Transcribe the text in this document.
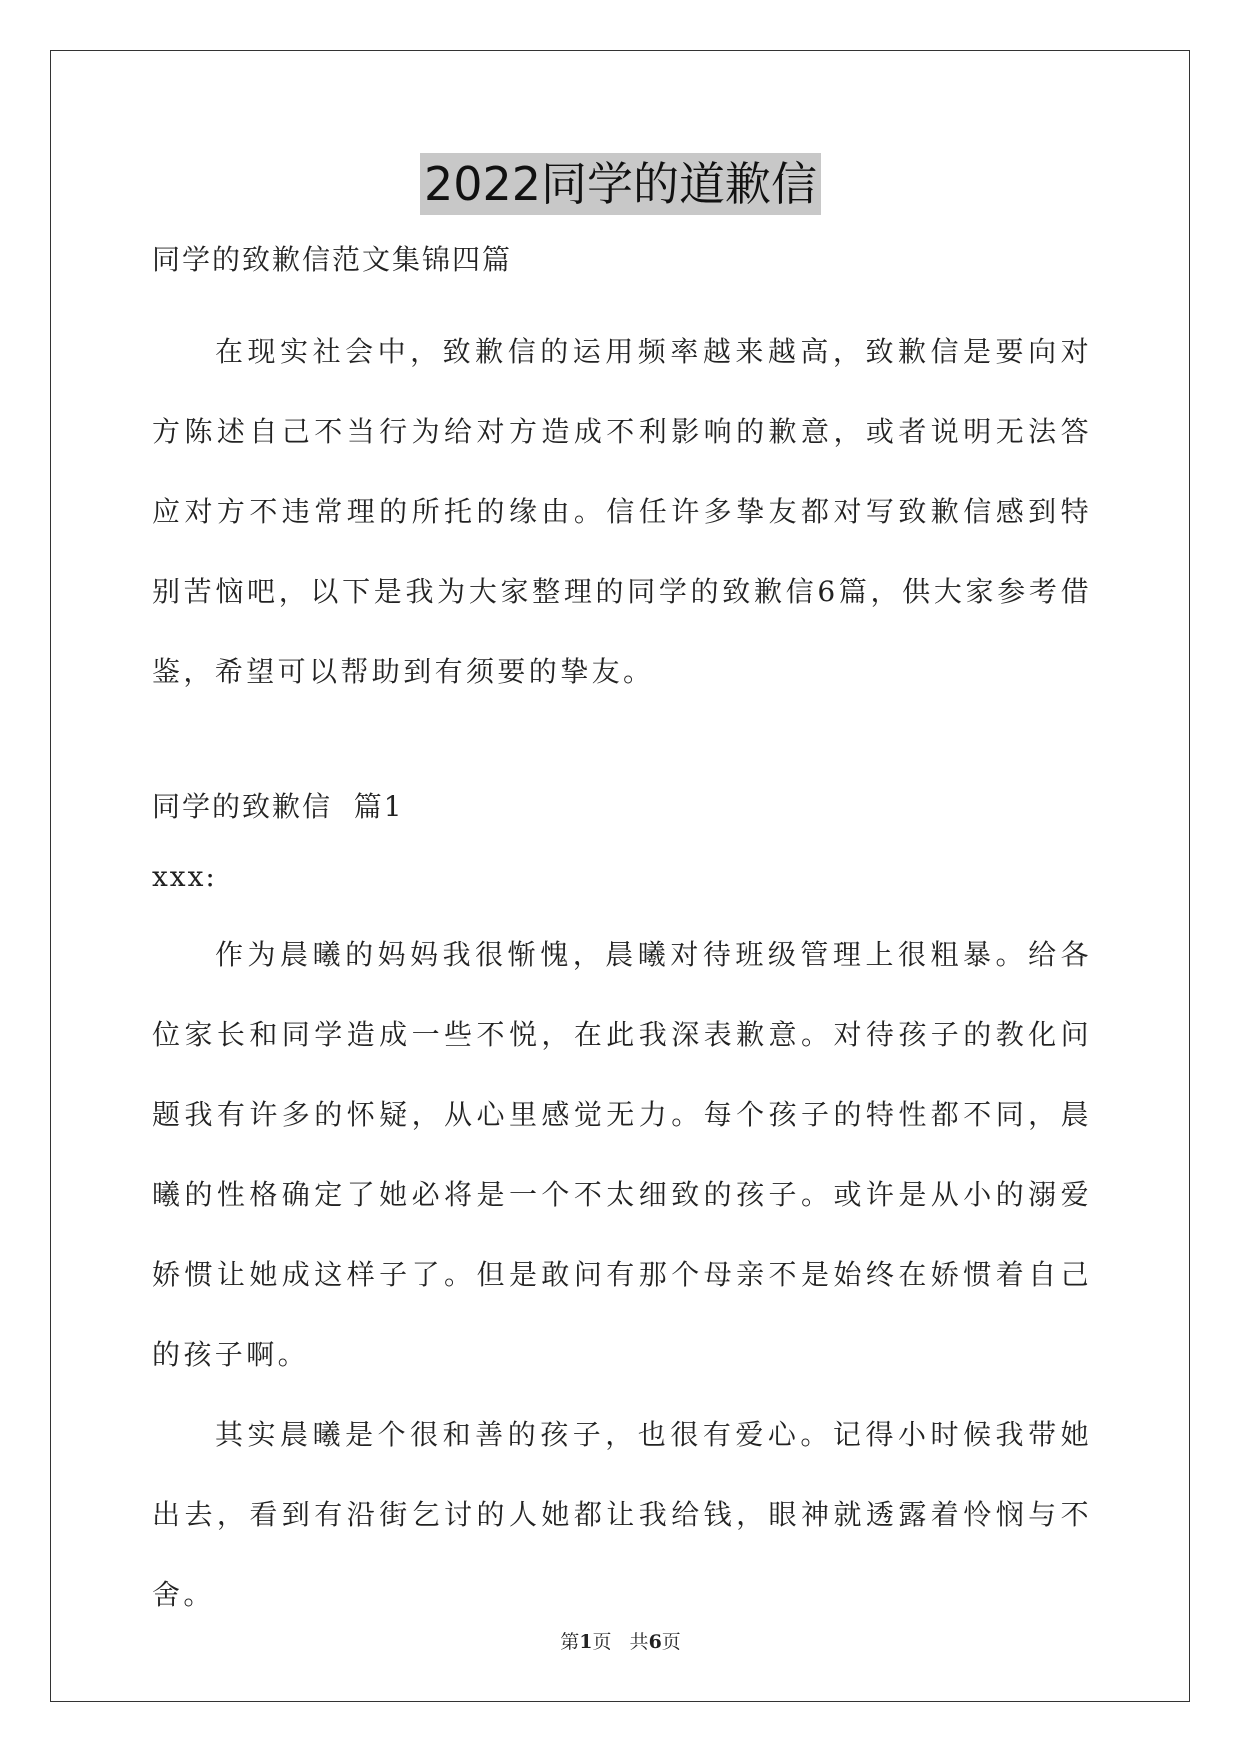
2022同学的道歉信
同学的致歉信范文集锦四篇

在现实社会中，致歉信的运用频率越来越高，致歉信是要向对方陈述自己不当行为给对方造成不利影响的歉意，或者说明无法答应对方不违常理的所托的缘由。信任许多挚友都对写致歉信感到特别苦恼吧，以下是我为大家整理的同学的致歉信6篇，供大家参考借鉴，希望可以帮助到有须要的挚友。

同学的致歉信  篇1
xxx:

作为晨曦的妈妈我很惭愧，晨曦对待班级管理上很粗暴。给各位家长和同学造成一些不悦，在此我深表歉意。对待孩子的教化问题我有许多的怀疑，从心里感觉无力。每个孩子的特性都不同，晨曦的性格确定了她必将是一个不太细致的孩子。或许是从小的溺爱娇惯让她成这样子了。但是敢问有那个母亲不是始终在娇惯着自己的孩子啊。

其实晨曦是个很和善的孩子，也很有爱心。记得小时候我带她出去，看到有沿街乞讨的人她都让我给钱，眼神就透露着怜悯与不舍。

第1页   共6页
